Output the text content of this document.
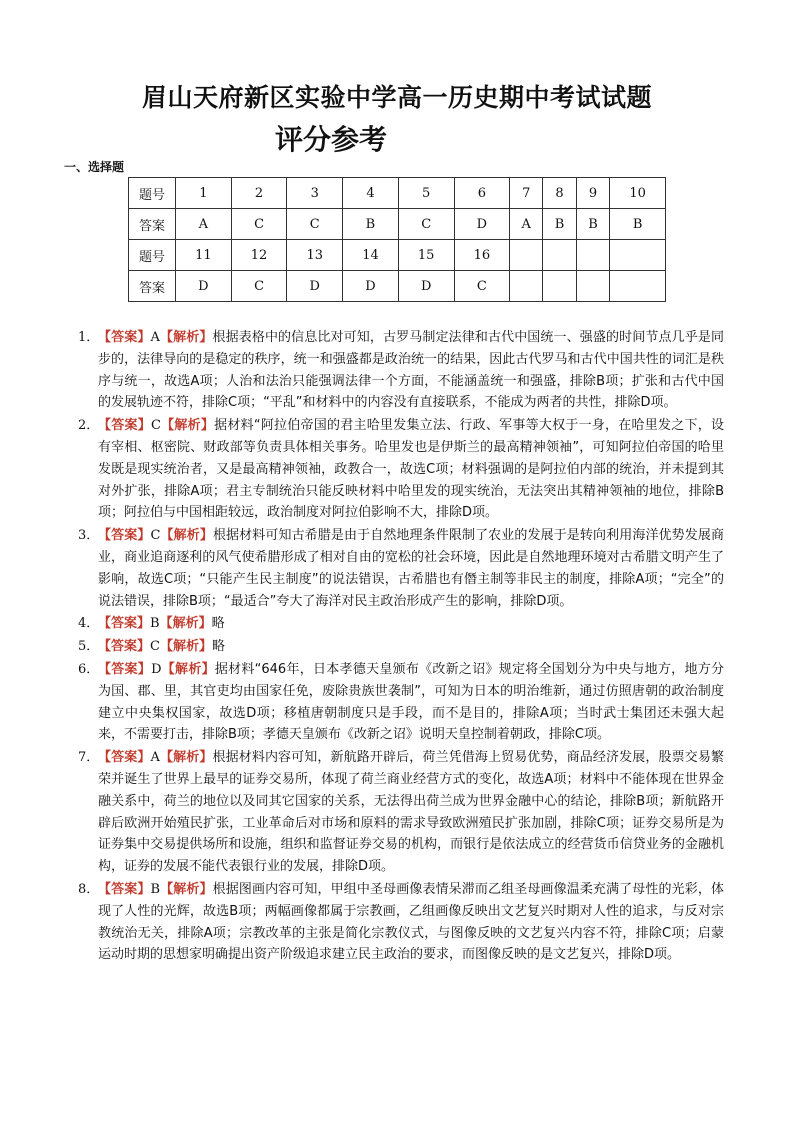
眉山天府新区实验中学高一历史期中考试试题
评分参考
一、选择题
题号	1	2	3	4	5	6	7	8	9	10
答案	A	C	C	B	C	D	A	B	B	B
题号	11	12	13	14	15	16				
答案	D	C	D	D	D	C				
1．
【答案】A【解析】根据表格中的信息比对可知，古罗马制定法律和古代中国统一、强盛的时间节点几乎是同步的，法律导向的是稳定的秩序，统一和强盛都是政治统一的结果，因此古代罗马和古代中国共性的词汇是秩序与统一，故选A项；人治和法治只能强调法律一个方面，不能涵盖统一和强盛，排除B项；扩张和古代中国的发展轨迹不符，排除C项；“平乱”和材料中的内容没有直接联系，不能成为两者的共性，排除D项。
2．
【答案】C【解析】据材料“阿拉伯帝国的君主哈里发集立法、行政、军事等大权于一身，在哈里发之下，设有宰相、枢密院、财政部等负责具体相关事务。哈里发也是伊斯兰的最高精神领袖”，可知阿拉伯帝国的哈里发既是现实统治者，又是最高精神领袖，政教合一，故选C项；材料强调的是阿拉伯内部的统治，并未提到其对外扩张，排除A项；君主专制统治只能反映材料中哈里发的现实统治，无法突出其精神领袖的地位，排除B项；阿拉伯与中国相距较远，政治制度对阿拉伯影响不大，排除D项。
3．
【答案】C【解析】根据材料可知古希腊是由于自然地理条件限制了农业的发展于是转向利用海洋优势发展商业，商业追商逐利的风气使希腊形成了相对自由的宽松的社会环境，因此是自然地理环境对古希腊文明产生了影响，故选C项；“只能产生民主制度”的说法错误，古希腊也有僭主制等非民主的制度，排除A项；“完全”的说法错误，排除B项；“最适合”夸大了海洋对民主政治形成产生的影响，排除D项。
4．
【答案】B【解析】略
5．
【答案】C【解析】略
6．
【答案】D【解析】据材料“646年，日本孝德天皇颁布《改新之诏》规定将全国划分为中央与地方，地方分为国、郡、里，其官吏均由国家任免，废除贵族世袭制”，可知为日本的明治维新，通过仿照唐朝的政治制度建立中央集权国家，故选D项；移植唐朝制度只是手段，而不是目的，排除A项；当时武士集团还未强大起来，不需要打击，排除B项；孝德天皇颁布《改新之诏》说明天皇控制着朝政，排除C项。
7．
【答案】A【解析】根据材料内容可知，新航路开辟后，荷兰凭借海上贸易优势，商品经济发展，股票交易繁荣并诞生了世界上最早的证券交易所，体现了荷兰商业经营方式的变化，故选A项；材料中不能体现在世界金融关系中，荷兰的地位以及同其它国家的关系，无法得出荷兰成为世界金融中心的结论，排除B项；新航路开辟后欧洲开始殖民扩张，工业革命后对市场和原料的需求导致欧洲殖民扩张加剧，排除C项；证券交易所是为证券集中交易提供场所和设施，组织和监督证券交易的机构，而银行是依法成立的经营货币信贷业务的金融机构，证券的发展不能代表银行业的发展，排除D项。
8．
【答案】B【解析】根据图画内容可知，甲组中圣母画像表情呆滞而乙组圣母画像温柔充满了母性的光彩，体现了人性的光辉，故选B项；两幅画像都属于宗教画，乙组画像反映出文艺复兴时期对人性的追求，与反对宗教统治无关，排除A项；宗教改革的主张是简化宗教仪式，与图像反映的文艺复兴内容不符，排除C项；启蒙运动时期的思想家明确提出资产阶级追求建立民主政治的要求，而图像反映的是文艺复兴，排除D项。
